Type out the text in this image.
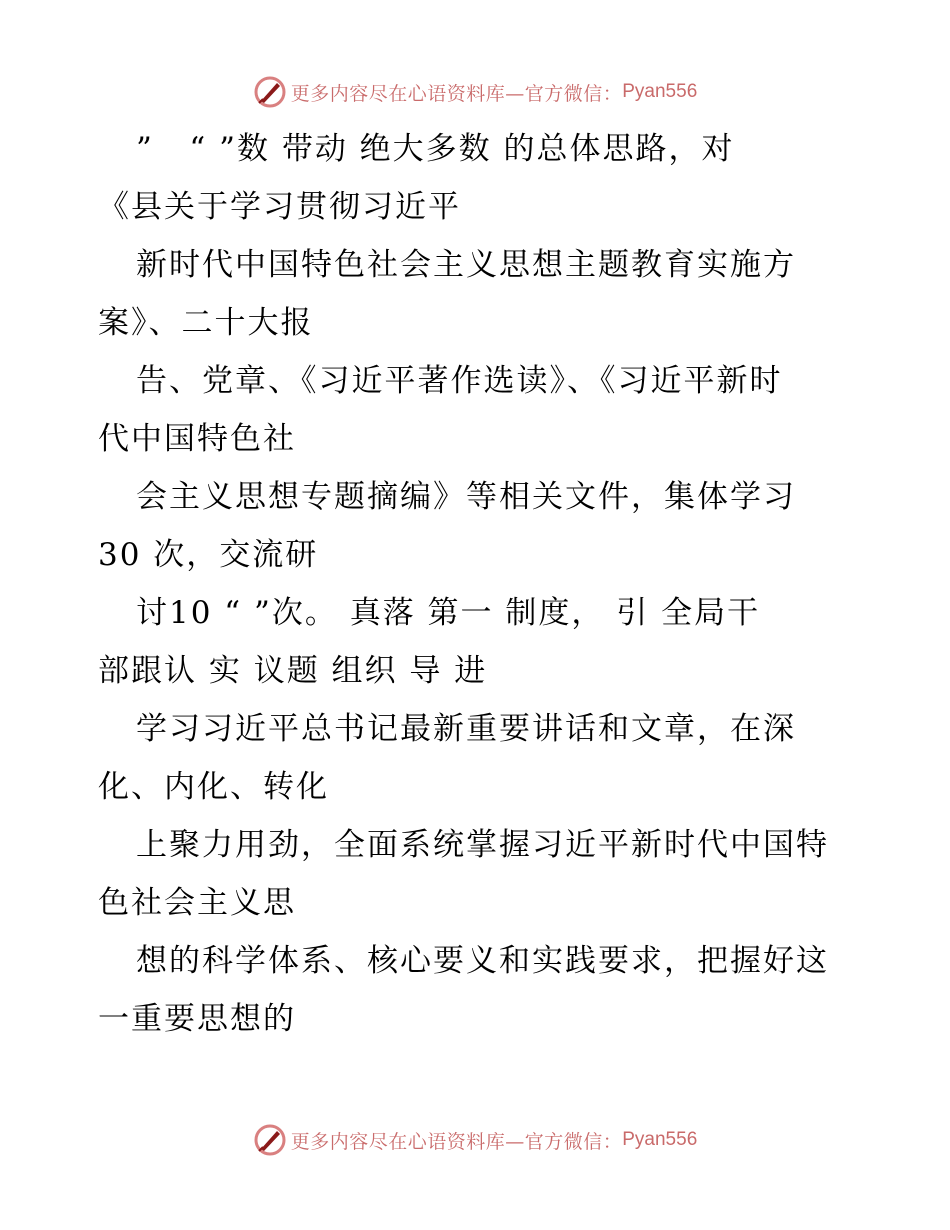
更多内容尽在心语资料库—官方微信： Pyan556
”   “ ”数 带动 绝大多数 的总体思路，对
《县关于学习贯彻习近平
新时代中国特色社会主义思想主题教育实施方
案》、二十大报
告、党章、《习近平著作选读》、《习近平新时
代中国特色社
会主义思想专题摘编》等相关文件，集体学习
30 次，交流研
讨10 “ ”次。 真落 第一 制度， 引 全局干
部跟认 实 议题 组织 导 进
学习习近平总书记最新重要讲话和文章，在深
化、内化、转化
上聚力用劲，全面系统掌握习近平新时代中国特
色社会主义思
想的科学体系、核心要义和实践要求，把握好这
一重要思想的
更多内容尽在心语资料库—官方微信： Pyan556
